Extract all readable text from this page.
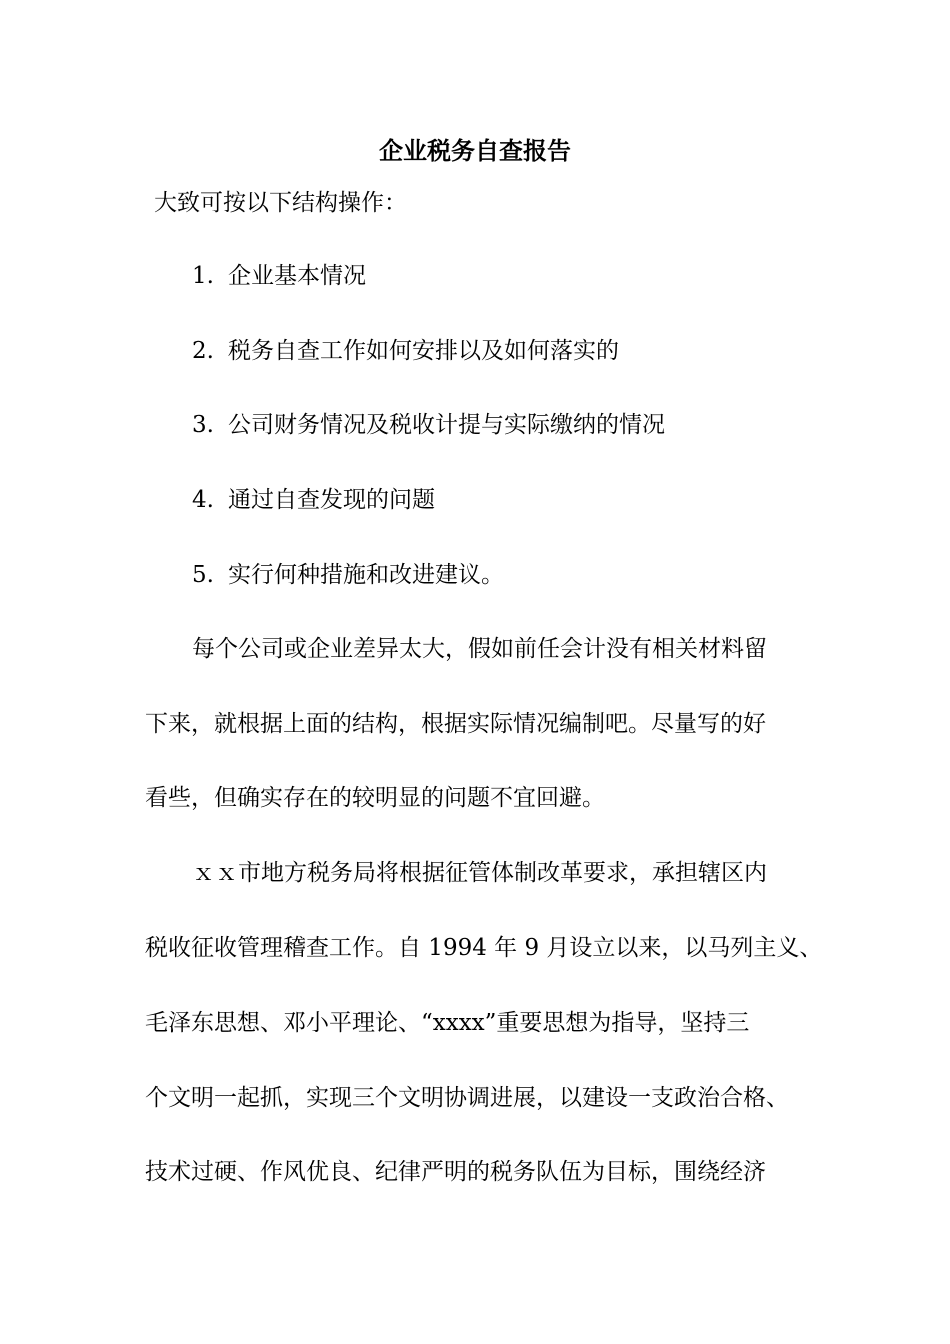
企业税务自查报告
大致可按以下结构操作：
1. 企业基本情况
2. 税务自查工作如何安排以及如何落实的
3. 公司财务情况及税收计提与实际缴纳的情况
4. 通过自查发现的问题
5. 实行何种措施和改进建议。
每个公司或企业差异太大，假如前任会计没有相关材料留
下来，就根据上面的结构，根据实际情况编制吧。尽量写的好
看些，但确实存在的较明显的问题不宜回避。
ｘｘ市地方税务局将根据征管体制改革要求，承担辖区内
税收征收管理稽查工作。自 1994 年 9 月设立以来，以马列主义、
毛泽东思想、邓小平理论、“xxxx”重要思想为指导，坚持三
个文明一起抓，实现三个文明协调进展，以建设一支政治合格、
技术过硬、作风优良、纪律严明的税务队伍为目标，围绕经济
